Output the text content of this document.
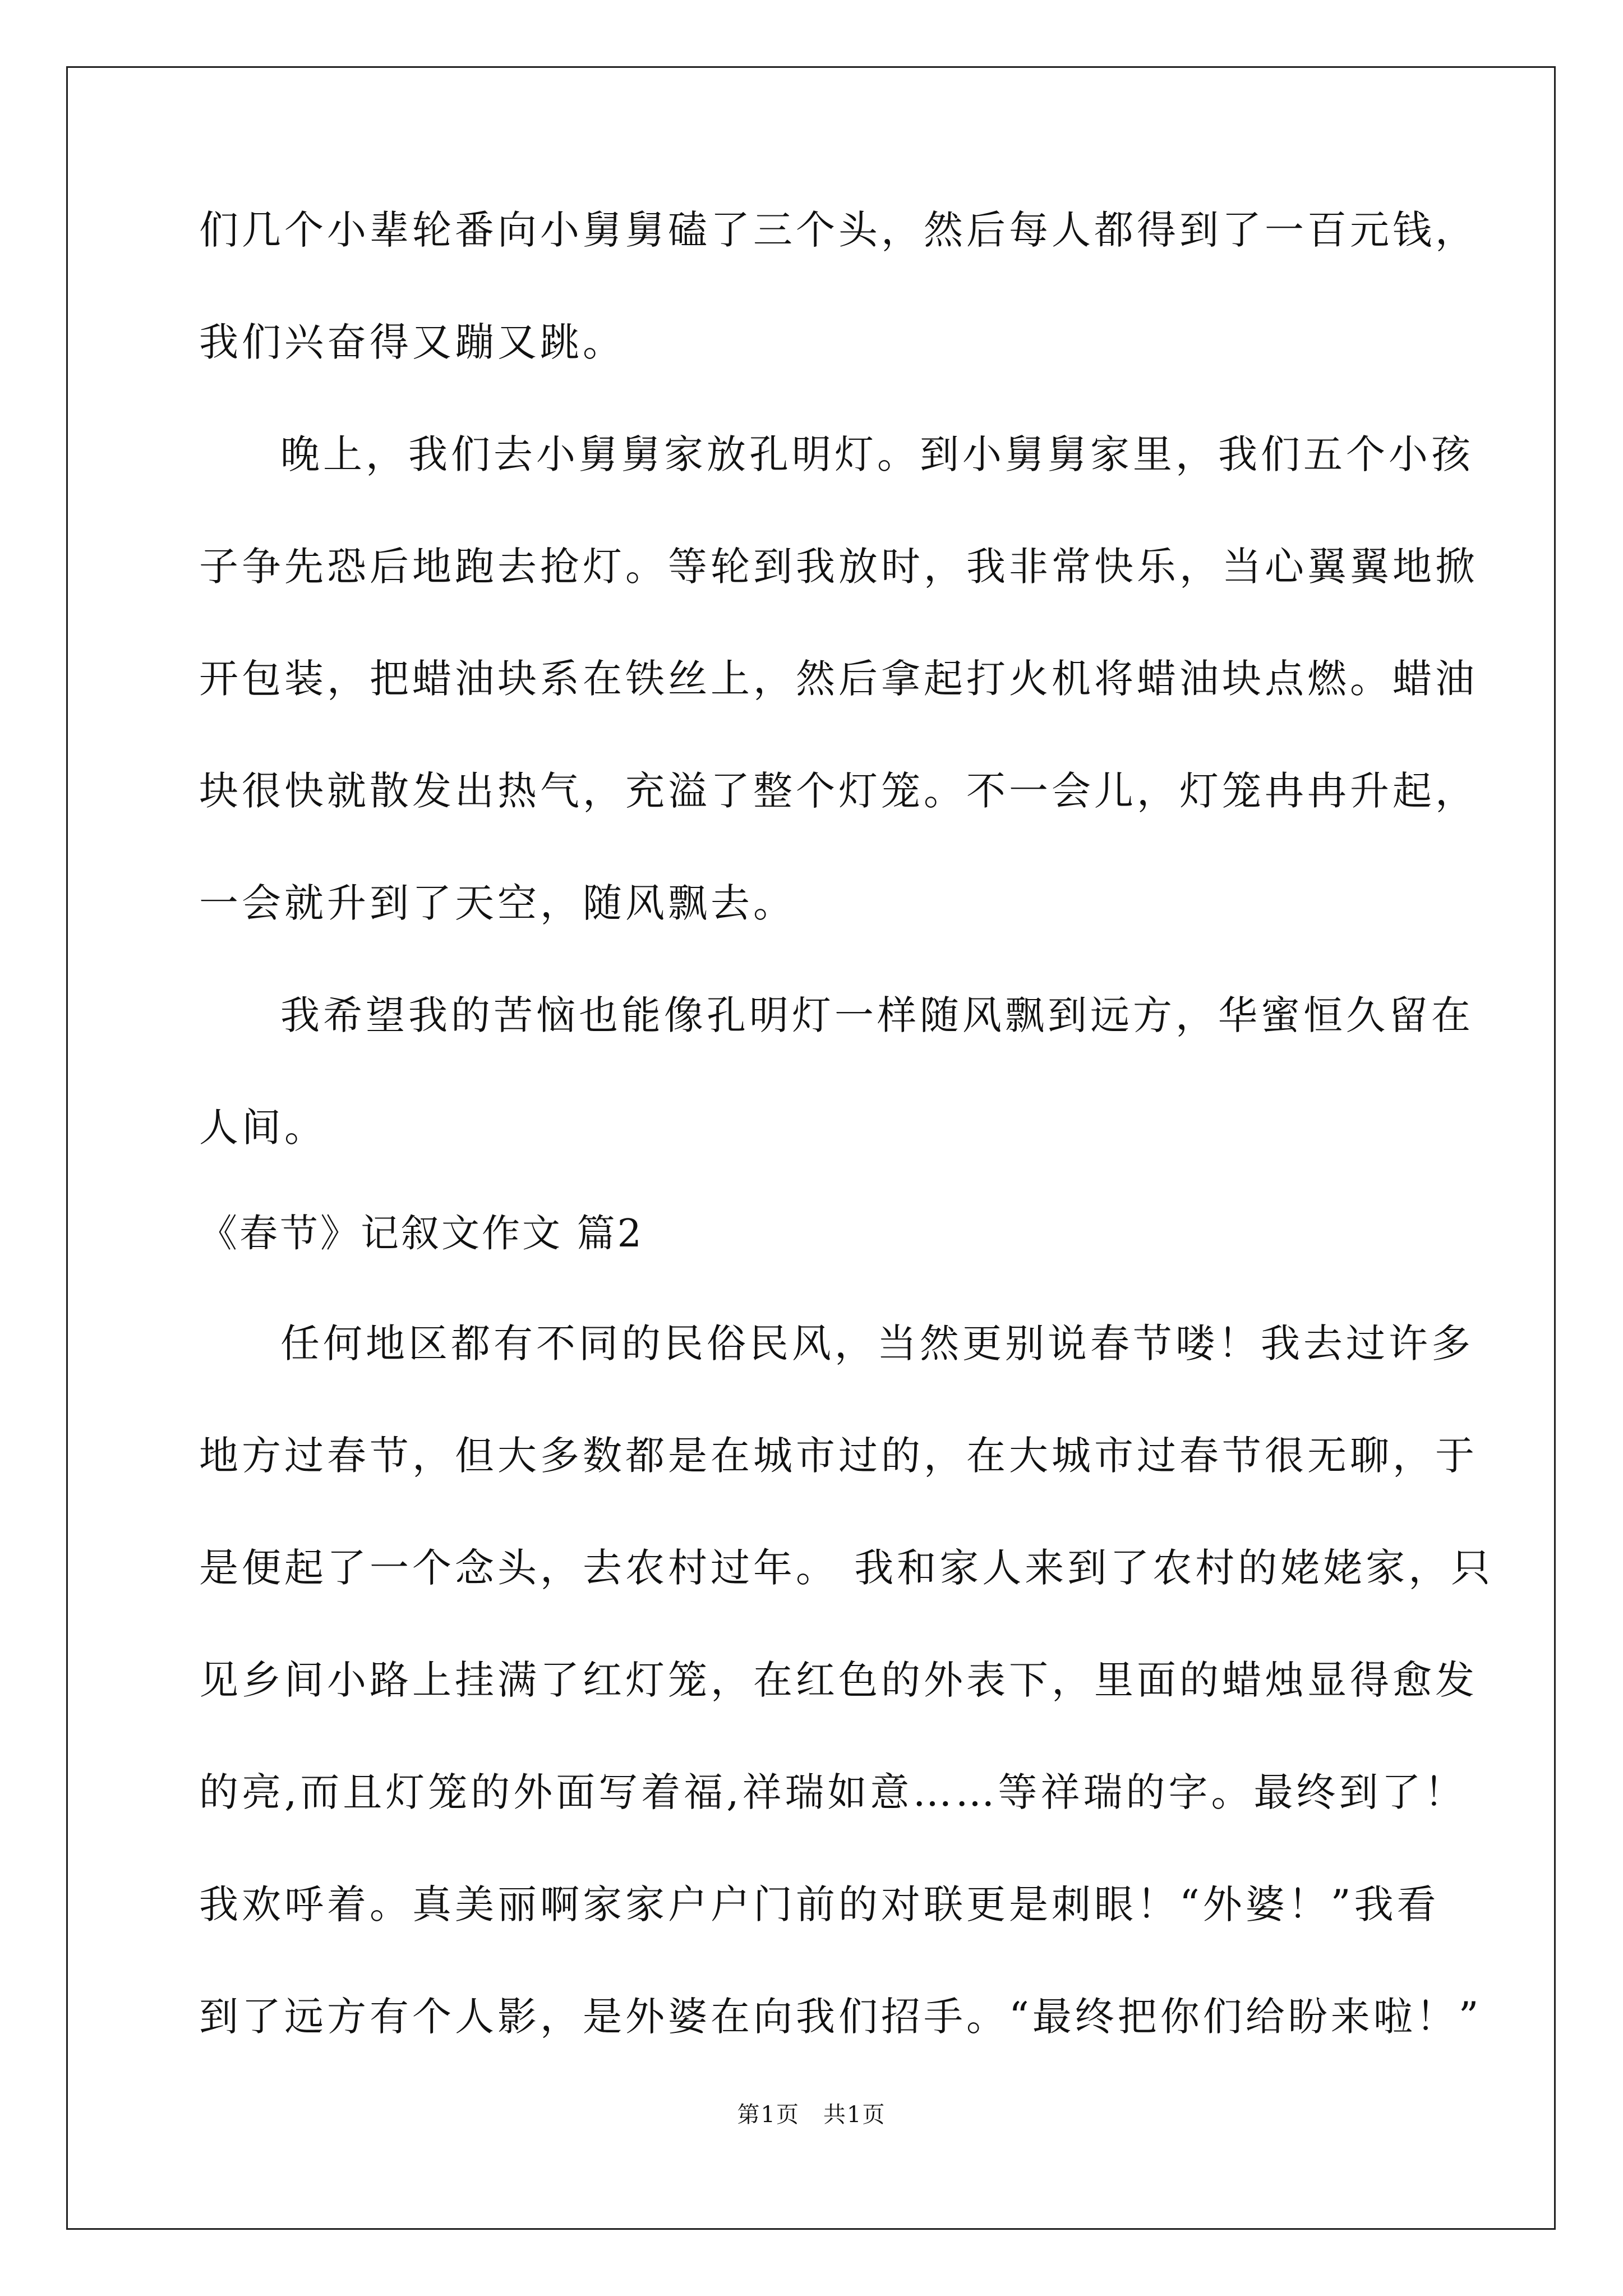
们几个小辈轮番向小舅舅磕了三个头，然后每人都得到了一百元钱，
我们兴奋得又蹦又跳。
晚上，我们去小舅舅家放孔明灯。到小舅舅家里，我们五个小孩
子争先恐后地跑去抢灯。等轮到我放时，我非常快乐，当心翼翼地掀
开包装，把蜡油块系在铁丝上，然后拿起打火机将蜡油块点燃。蜡油
块很快就散发出热气，充溢了整个灯笼。不一会儿，灯笼冉冉升起，
一会就升到了天空，随风飘去。
我希望我的苦恼也能像孔明灯一样随风飘到远方，华蜜恒久留在
人间。
《春节》记叙文作文 篇2
任何地区都有不同的民俗民风，当然更别说春节喽！我去过许多
地方过春节，但大多数都是在城市过的，在大城市过春节很无聊，于
是便起了一个念头，去农村过年。 我和家人来到了农村的姥姥家，只
见乡间小路上挂满了红灯笼，在红色的外表下，里面的蜡烛显得愈发
的亮,而且灯笼的外面写着福,祥瑞如意……等祥瑞的字。最终到了！
我欢呼着。真美丽啊家家户户门前的对联更是刺眼！“外婆！”我看
到了远方有个人影，是外婆在向我们招手。“最终把你们给盼来啦！”
第1页　共1页
